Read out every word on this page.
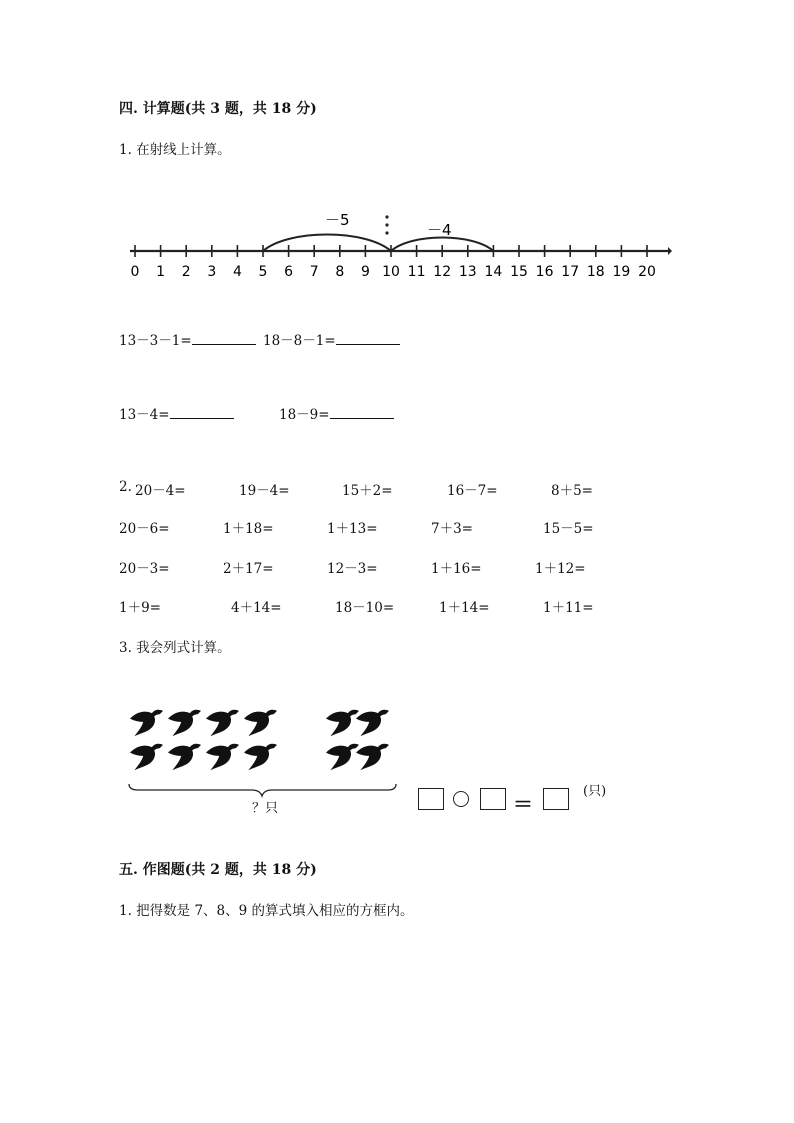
四. 计算题(共 3 题，共 18 分)
1. 在射线上计算。
0 1 2 3 4 5 6 7 8 9 10 11 12 13 14 15 16 17 18 19 20
－5
－4
13－3－1=	18－8－1=
13－4=	18－9=
2. 20－4=	19－4=	15＋2=	16－7=	8＋5=
20－6=	1＋18=	1＋13=	7＋3=	15－5=
20－3=	2＋17=	12－3=	1＋16=	1＋12=
1＋9=	4＋14=	18－10=	1＋14=	1＋11=
3. 我会列式计算。
？只	＝
(只)
五. 作图题(共 2 题，共 18 分)
1. 把得数是 7、8、9 的算式填入相应的方框内。
